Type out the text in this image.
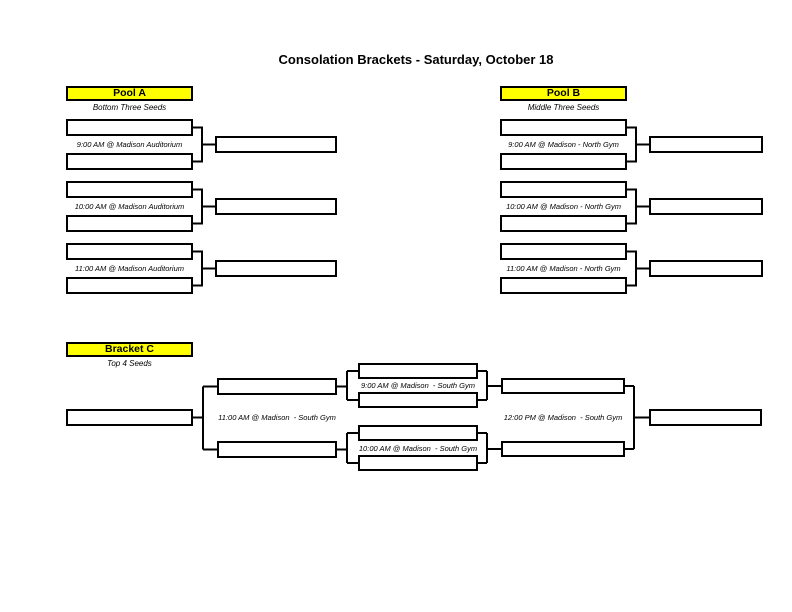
Consolation Brackets - Saturday, October 18
Pool A
Bottom Three Seeds
9:00 AM @ Madison Auditorium
10:00 AM @ Madison Auditorium
11:00 AM @ Madison Auditorium
Pool B
Middle Three Seeds
9:00 AM @ Madison - North Gym
10:00 AM @ Madison - North Gym
11:00 AM @ Madison - North Gym
Bracket C
Top 4 Seeds
11:00 AM @ Madison  - South Gym
9:00 AM @ Madison  - South Gym
10:00 AM @ Madison  - South Gym
12:00 PM @ Madison  - South Gym
